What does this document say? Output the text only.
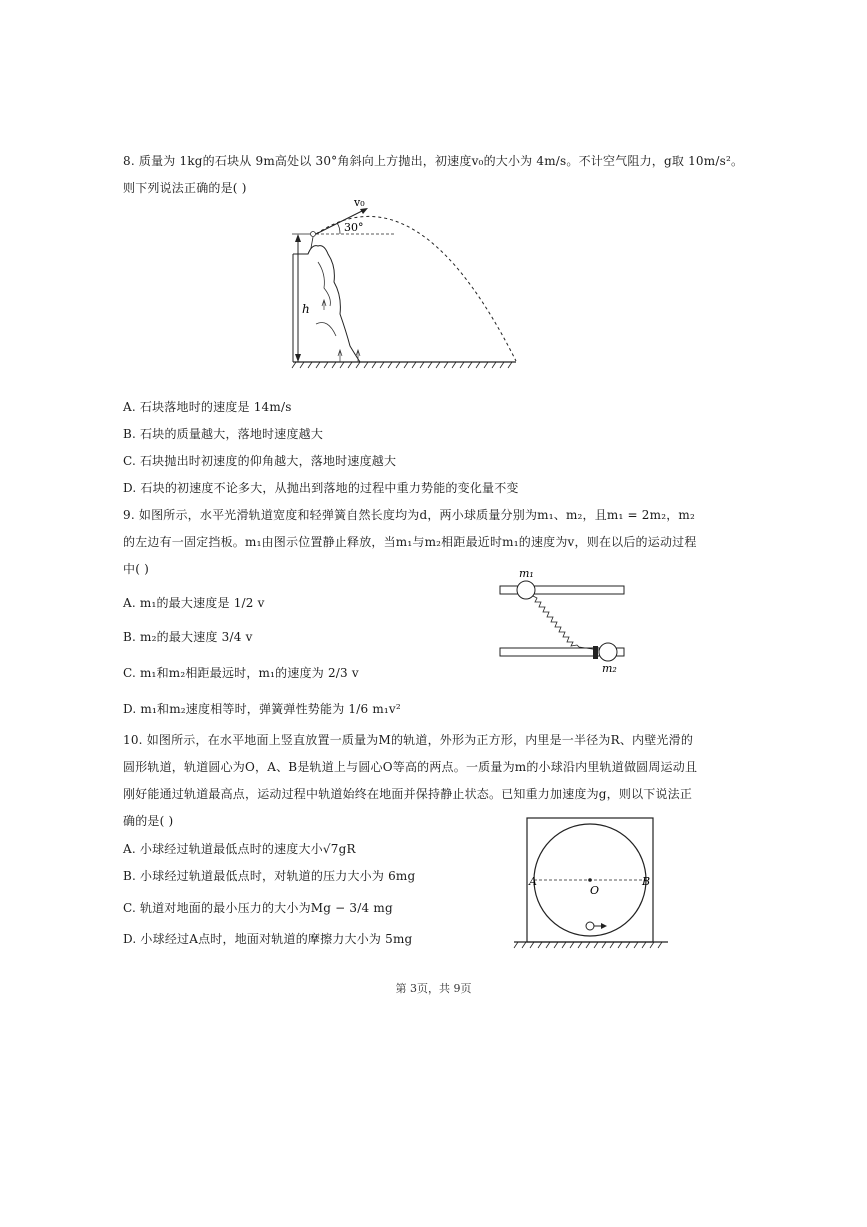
8. 质量为 1kg的石块从 9m高处以 30°角斜向上方抛出，初速度v₀的大小为 4m/s。不计空气阻力，g取 10m/s²。
则下列说法正确的是( )
h
v₀
30°
A. 石块落地时的速度是 14m/s
B. 石块的质量越大，落地时速度越大
C. 石块抛出时初速度的仰角越大，落地时速度越大
D. 石块的初速度不论多大，从抛出到落地的过程中重力势能的变化量不变
9. 如图所示，水平光滑轨道宽度和轻弹簧自然长度均为d，两小球质量分别为m₁、m₂，且m₁ = 2m₂，m₂
的左边有一固定挡板。m₁由图示位置静止释放，当m₁与m₂相距最近时m₁的速度为v，则在以后的运动过程
中( )	m₁
m₂
A. m₁的最大速度是 1/2 v
B. m₂的最大速度 3/4 v
C. m₁和m₂相距最远时，m₁的速度为 2/3 v
D. m₁和m₂速度相等时，弹簧弹性势能为 1/6 m₁v²
10. 如图所示，在水平地面上竖直放置一质量为M的轨道，外形为正方形，内里是一半径为R、内壁光滑的
圆形轨道，轨道圆心为O，A、B是轨道上与圆心O等高的两点。一质量为m的小球沿内里轨道做圆周运动且
刚好能通过轨道最高点，运动过程中轨道始终在地面并保持静止状态。已知重力加速度为g，则以下说法正
确的是( )
A	B
O
A. 小球经过轨道最低点时的速度大小√7gR
B. 小球经过轨道最低点时，对轨道的压力大小为 6mg
C. 轨道对地面的最小压力的大小为Mg − 3/4 mg
D. 小球经过A点时，地面对轨道的摩擦力大小为 5mg
第 3页，共 9页
